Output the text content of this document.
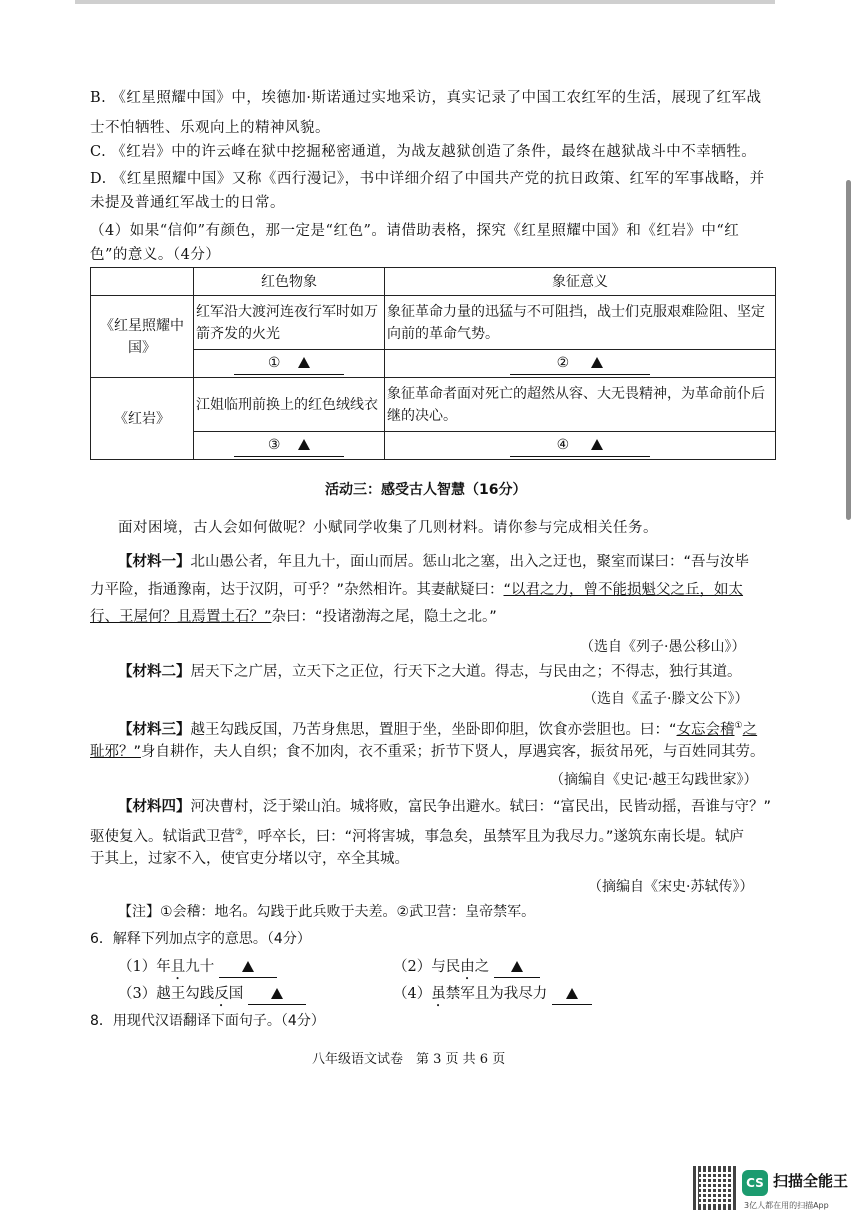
B. 《红星照耀中国》中，埃德加·斯诺通过实地采访，真实记录了中国工农红军的生活，展现了红军战
士不怕牺牲、乐观向上的精神风貌。
C. 《红岩》中的许云峰在狱中挖掘秘密通道，为战友越狱创造了条件，最终在越狱战斗中不幸牺牲。
D. 《红星照耀中国》又称《西行漫记》，书中详细介绍了中国共产党的抗日政策、红军的军事战略，并
未提及普通红军战士的日常。
（4）如果“信仰”有颜色，那一定是“红色”。请借助表格，探究《红星照耀中国》和《红岩》中“红
色”的意义。（4分）
	红色物象	象征意义
《红星照耀中国》	红军沿大渡河连夜行军时如万箭齐发的火光	象征革命力量的迅猛与不可阻挡，战士们克服艰难险阻、坚定向前的革命气势。
	①	②
《红岩》	江姐临刑前换上的红色绒线衣	象征革命者面对死亡的超然从容、大无畏精神，为革命前仆后继的决心。
	③	④
活动三：感受古人智慧（16分）
面对困境，古人会如何做呢？小赋同学收集了几则材料。请你参与完成相关任务。
【材料一】北山愚公者，年且九十，面山而居。惩山北之塞，出入之迂也，聚室而谋曰：“吾与汝毕
力平险，指通豫南，达于汉阴，可乎？”杂然相许。其妻献疑曰：“以君之力，曾不能损魁父之丘，如太
行、王屋何？且焉置土石？”杂曰：“投诸渤海之尾，隐土之北。”
（选自《列子·愚公移山》）
【材料二】居天下之广居，立天下之正位，行天下之大道。得志，与民由之；不得志，独行其道。
（选自《孟子·滕文公下》）
【材料三】越王勾践反国，乃苦身焦思，置胆于坐，坐卧即仰胆，饮食亦尝胆也。曰：“女忘会稽①之
耻邪？”身自耕作，夫人自织；食不加肉，衣不重采；折节下贤人，厚遇宾客，振贫吊死，与百姓同其劳。
（摘编自《史记·越王勾践世家》）
【材料四】河决曹村，泛于梁山泊。城将败，富民争出避水。轼曰：“富民出，民皆动摇，吾谁与守？”
驱使复入。轼诣武卫营②，呼卒长，曰：“河将害城，事急矣，虽禁军且为我尽力。”遂筑东南长堤。轼庐
于其上，过家不入，使官吏分堵以守，卒全其城。
（摘编自《宋史·苏轼传》）
【注】①会稽：地名。勾践于此兵败于夫差。②武卫营：皇帝禁军。
6．解释下列加点字的意思。（4分）
（1）年且九十	（2）与民由之
（3）越王勾践反国	（4）虽禁军且为我尽力
8．用现代汉语翻译下面句子。（4分）
八年级语文试卷　第 3 页 共 6 页
CS 扫描全能王
3亿人都在用的扫描App
